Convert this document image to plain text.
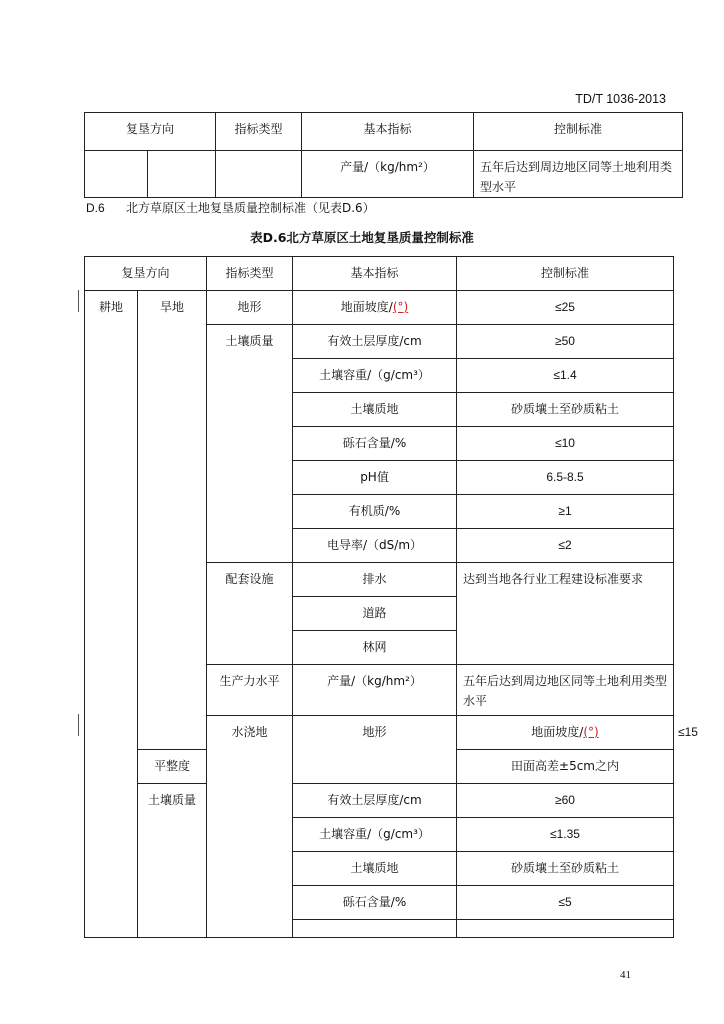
TD/T 1036-2013
复垦方向		指标类型	基本指标	控制标准
			产量/（kg/hm²）	五年后达到周边地区同等土地利用类型水平
D.6 北方草原区土地复垦质量控制标准（见表D.6）
表D.6北方草原区土地复垦质量控制标准
复垦方向		指标类型	基本指标	控制标准	
耕地	旱地	地形	地面坡度/(°)	≤25	
		土壤质量	有效土层厚度/cm	≥50	
			土壤容重/（g/cm³）	≤1.4	
			土壤质地	砂质壤土至砂质粘土	
			砾石含量/%	≤10	
			pH值	6.5-8.5	
			有机质/%	≥1	
			电导率/（dS/m）	≤2	
		配套设施	排水	达到当地各行业工程建设标准要求	
			道路		
			林网		
		生产力水平	产量/（kg/hm²）	五年后达到周边地区同等土地利用类型水平	
		水浇地	地形	地面坡度/(°)	≤15
	平整度			田面高差±5cm之内	
	土壤质量		有效土层厚度/cm	≥60	
			土壤容重/（g/cm³）	≤1.35	
			土壤质地	砂质壤土至砂质粘土	
			砾石含量/%	≤5	

41
